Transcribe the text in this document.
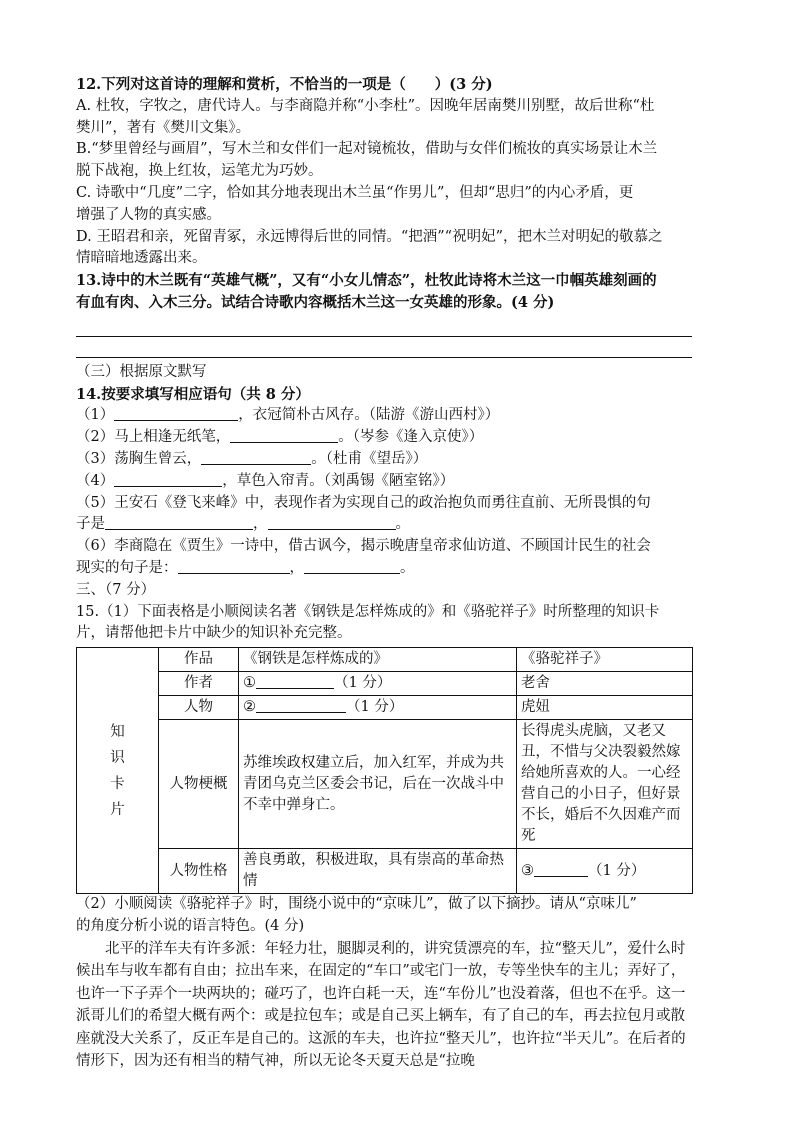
12.下列对这首诗的理解和赏析，不恰当的一项是（　　）(3 分)
A. 杜牧，字牧之，唐代诗人。与李商隐并称“小李杜”。因晚年居南樊川别墅，故后世称“杜
樊川”，著有《樊川文集》。
B.“梦里曾经与画眉”，写木兰和女伴们一起对镜梳妆，借助与女伴们梳妆的真实场景让木兰
脱下战袍，换上红妆，运笔尤为巧妙。
C. 诗歌中“几度”二字，恰如其分地表现出木兰虽“作男儿”，但却“思归”的内心矛盾，更
增强了人物的真实感。
D. 王昭君和亲，死留青冢，永远博得后世的同情。“把酒”“祝明妃”，把木兰对明妃的敬慕之
情暗暗地透露出来。
13.诗中的木兰既有“英雄气概”，又有“小女儿情态”，杜牧此诗将木兰这一巾帼英雄刻画的
有血有肉、入木三分。试结合诗歌内容概括木兰这一女英雄的形象。(4 分)
（三）根据原文默写
14.按要求填写相应语句（共 8 分）
（1）	，衣冠简朴古风存。（陆游《游山西村》）
（2）马上相逢无纸笔，	。（岑参《逢入京使》）
（3）荡胸生曾云，	。（杜甫《望岳》）
（4）	，草色入帘青。（刘禹锡《陋室铭》）
（5）王安石《登飞来峰》中，表现作者为实现自己的政治抱负而勇往直前、无所畏惧的句
子是	，	。
（6）李商隐在《贾生》一诗中，借古讽今，揭示晚唐皇帝求仙访道、不顾国计民生的社会
现实的句子是：	，	。
三、（7 分）
15.（1）下面表格是小顺阅读名著《钢铁是怎样炼成的》和《骆驼祥子》时所整理的知识卡
片，请帮他把卡片中缺少的知识补充完整。
知
识
卡
片	作品	《钢铁是怎样炼成的》	《骆驼祥子》
	作者	① （1 分）	老舍
	人物	② （1 分）	虎妞
	人物梗概	苏维埃政权建立后，加入红军，并成为共青团乌克兰区委会书记，后在一次战斗中不幸中弹身亡。	长得虎头虎脑，又老又丑，不惜与父决裂毅然嫁给她所喜欢的人。一心经营自己的小日子，但好景不长，婚后不久因难产而死
	人物性格	善良勇敢，积极进取，具有崇高的革命热情	③ （1 分）
（2）小顺阅读《骆驼祥子》时，围绕小说中的“京味儿”，做了以下摘抄。请从“京味儿”
的角度分析小说的语言特色。(4 分)
北平的洋车夫有许多派：年轻力壮，腿脚灵利的，讲究赁漂亮的车，拉“整天儿”，爱什么时候出车与收车都有自由；拉出车来，在固定的“车口”或宅门一放，专等坐快车的主儿；弄好了，也许一下子弄个一块两块的；碰巧了，也许白耗一天，连“车份儿”也没着落，但也不在乎。这一派哥儿们的希望大概有两个：或是拉包车；或是自己买上辆车，有了自己的车，再去拉包月或散座就没大关系了，反正车是自己的。这派的车夫，也许拉“整天儿”，也许拉“半天儿”。在后者的情形下，因为还有相当的精气神，所以无论冬天夏天总是“拉晚
